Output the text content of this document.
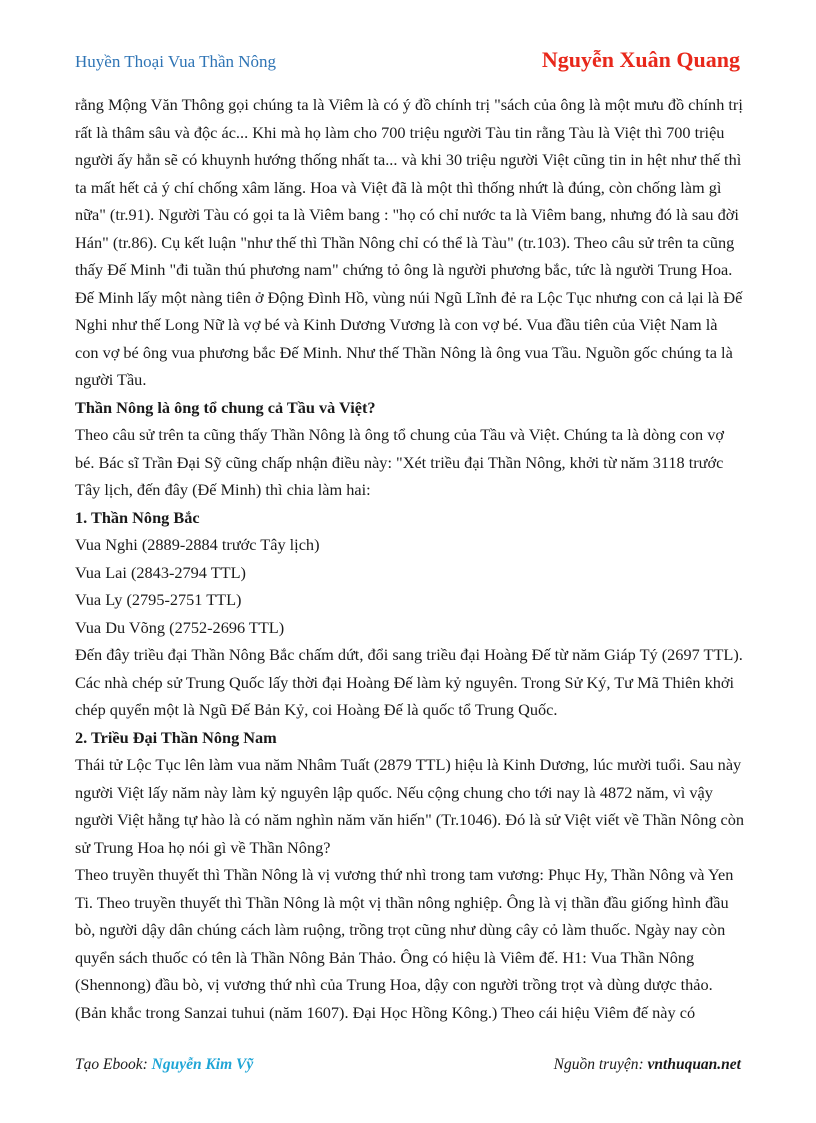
Huyền Thoại Vua Thần Nông	Nguyễn Xuân Quang

rằng Mộng Văn Thông gọi chúng ta là Viêm là có ý đồ chính trị "sách của ông là một mưu đồ chính trị rất là thâm sâu và độc ác... Khi mà họ làm cho 700 triệu người Tàu tin rằng Tàu là Việt thì 700 triệu người ấy hẳn sẽ có khuynh hướng thống nhất ta... và khi 30 triệu người Việt cũng tin in hệt như thế thì ta mất hết cả ý chí chống xâm lăng. Hoa và Việt đã là một thì thống nhứt là đúng, còn chống làm gì nữa" (tr.91). Người Tàu có gọi ta là Viêm bang : "họ có chỉ nước ta là Viêm bang, nhưng đó là sau đời Hán" (tr.86). Cụ kết luận "như thế thì Thần Nông chỉ có thể là Tàu" (tr.103). Theo câu sử trên ta cũng thấy Đế Minh "đi tuần thú phương nam" chứng tỏ ông là người phương bắc, tức là người Trung Hoa. Đế Minh lấy một nàng tiên ở Động Đình Hồ, vùng núi Ngũ Lĩnh đẻ ra Lộc Tục nhưng con cả lại là Đế Nghi như thế Long Nữ là vợ bé và Kinh Dương Vương là con vợ bé. Vua đầu tiên của Việt Nam là con vợ bé ông vua phương bắc Đế Minh. Như thế Thần Nông là ông vua Tầu. Nguồn gốc chúng ta là người Tầu.

Thần Nông là ông tổ chung cả Tầu và Việt?

Theo câu sử trên ta cũng thấy Thần Nông là ông tổ chung của Tầu và Việt. Chúng ta là dòng con vợ bé. Bác sĩ Trần Đại Sỹ cũng chấp nhận điều này: "Xét triều đại Thần Nông, khởi từ năm 3118 trước Tây lịch, đến đây (Đế Minh) thì chia làm hai:

1. Thần Nông Bắc

Vua Nghi (2889-2884 trước Tây lịch)

Vua Lai (2843-2794 TTL)

Vua Ly (2795-2751 TTL)

Vua Du Võng (2752-2696 TTL)

Đến đây triều đại Thần Nông Bắc chấm dứt, đổi sang triều đại Hoàng Đế từ năm Giáp Tý (2697 TTL). Các nhà chép sử Trung Quốc lấy thời đại Hoàng Đế làm kỷ nguyên. Trong Sử Ký, Tư Mã Thiên khởi chép quyển một là Ngũ Đế Bản Kỷ, coi Hoàng Đế là quốc tổ Trung Quốc.

2. Triều Đại Thần Nông Nam

Thái tử Lộc Tục lên làm vua năm Nhâm Tuất (2879 TTL) hiệu là Kinh Dương, lúc mười tuổi. Sau này người Việt lấy năm này làm kỷ nguyên lập quốc. Nếu cộng chung cho tới nay là 4872 năm, vì vậy người Việt hằng tự hào là có năm nghìn năm văn hiến" (Tr.1046). Đó là sử Việt viết về Thần Nông còn sử Trung Hoa họ nói gì về Thần Nông?

Theo truyền thuyết thì Thần Nông là vị vương thứ nhì trong tam vương: Phục Hy, Thần Nông và Yen Ti. Theo truyền thuyết thì Thần Nông là một vị thần nông nghiệp. Ông là vị thần đầu giống hình đầu bò, người dậy dân chúng cách làm ruộng, trồng trọt cũng như dùng cây cỏ làm thuốc. Ngày nay còn quyển sách thuốc có tên là Thần Nông Bản Thảo. Ông có hiệu là Viêm đế. H1: Vua Thần Nông (Shennong) đầu bò, vị vương thứ nhì của Trung Hoa, dậy con người trồng trọt và dùng dược thảo. (Bản khắc trong Sanzai tuhui (năm 1607). Đại Học Hồng Kông.) Theo cái hiệu Viêm đế này có

Tạo Ebook: Nguyễn Kim Vỹ	Nguồn truyện: vnthuquan.net
